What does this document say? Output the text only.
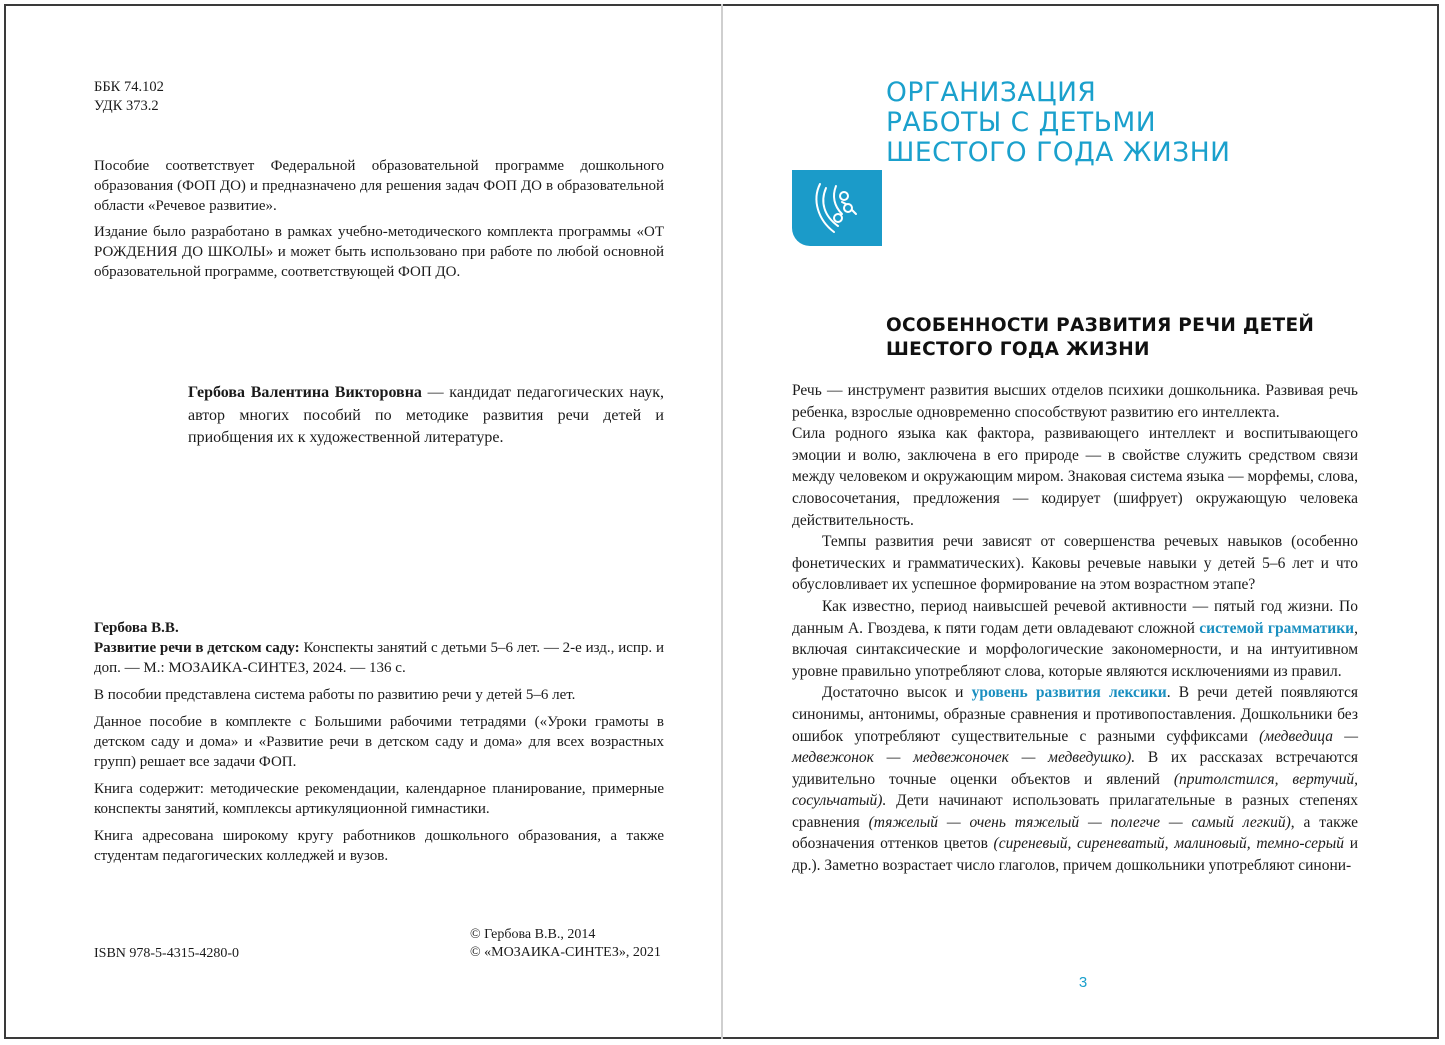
ББК 74.102
УДК 373.2

Пособие соответствует Федеральной образовательной программе дошкольного образования (ФОП ДО) и предназначено для решения задач ФОП ДО в образовательной области «Речевое развитие».

Издание было разработано в рамках учебно-методического комплекта программы «ОТ РОЖДЕНИЯ ДО ШКОЛЫ» и может быть использовано при работе по любой основной образовательной программе, соответствующей ФОП ДО.

Гербова Валентина Викторовна — кандидат педагогических наук, автор многих пособий по методике развития речи детей и приобщения их к художественной литературе.

Гербова В.В.

Развитие речи в детском саду: Конспекты занятий с детьми 5–6 лет. — 2-е изд., испр. и доп. — М.: МОЗАИКА-СИНТЕЗ, 2024. — 136 с.

В пособии представлена система работы по развитию речи у детей 5–6 лет.

Данное пособие в комплекте с Большими рабочими тетрадями («Уроки грамоты в детском саду и дома» и «Развитие речи в детском саду и дома» для всех возрастных групп) решает все задачи ФОП.

Книга содержит: методические рекомендации, календарное планирование, примерные конспекты занятий, комплексы артикуляционной гимнастики.

Книга адресована широкому кругу работников дошкольного образования, а также студентам педагогических колледжей и вузов.

ISBN 978-5-4315-4280-0
© Гербова В.В., 2014
© «МОЗАИКА-СИНТЕЗ», 2021
ОРГАНИЗАЦИЯ
РАБОТЫ С ДЕТЬМИ
ШЕСТОГО ГОДА ЖИЗНИ
ОСОБЕННОСТИ РАЗВИТИЯ РЕЧИ ДЕТЕЙ
ШЕСТОГО ГОДА ЖИЗНИ

Речь — инструмент развития высших отделов психики дошкольника. Развивая речь ребенка, взрослые одновременно способствуют развитию его интеллекта.

Сила родного языка как фактора, развивающего интеллект и воспитывающего эмоции и волю, заключена в его природе — в свойстве служить средством связи между человеком и окружающим миром. Знаковая система языка — морфемы, слова, словосочетания, предложения — кодирует (шифрует) окружающую человека действительность.

Темпы развития речи зависят от совершенства речевых навыков (особенно фонетических и грамматических). Каковы речевые навыки у детей 5–6 лет и что обусловливает их успешное формирование на этом возрастном этапе?

Как известно, период наивысшей речевой активности — пятый год жизни. По данным А. Гвоздева, к пяти годам дети овладевают сложной системой грамматики, включая синтаксические и морфологические закономерности, и на интуитивном уровне правильно употребляют слова, которые являются исключениями из правил.

Достаточно высок и уровень развития лексики. В речи детей появляются синонимы, антонимы, образные сравнения и противопоставления. Дошкольники без ошибок употребляют существительные с разными суффиксами (медведица — медвежонок — медвежоночек — медведушко). В их рассказах встречаются удивительно точные оценки объектов и явлений (притолстился, вертучий, сосульчатый). Дети начинают использовать прилагательные в разных степенях сравнения (тяжелый — очень тяжелый — полегче — самый легкий), а также обозначения оттенков цветов (сиреневый, сиреневатый, малиновый, темно-серый и др.). Заметно возрастает число глаголов, причем дошкольники употребляют синони-

3
